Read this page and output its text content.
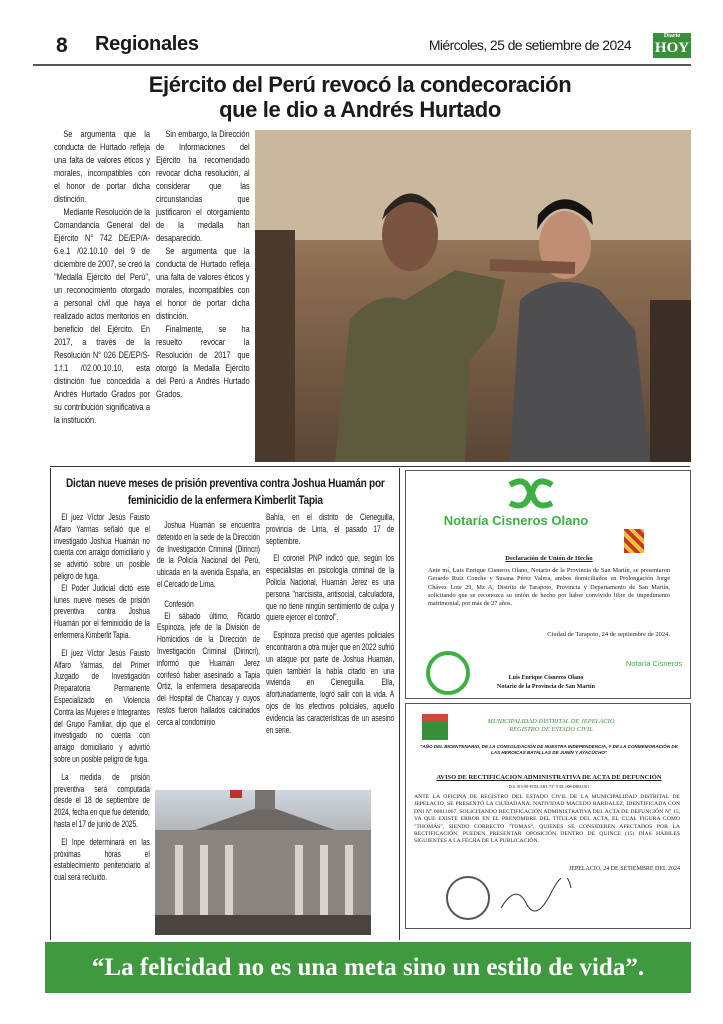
8 Regionales	Miércoles, 25 de setiembre de 2024
Diario
HOY
Ejército del Perú revocó la condecoración
que le dio a Andrés Hurtado

Se argumenta que la conducta de Hurtado refleja una falta de valores éticos y morales, incompatibles con el honor de portar dicha distinción.

Mediante Resolución de la Comandancia General del Ejército N° 742 DE/EP/A-6.e.1 /02.10.10 del 9 de diciembre de 2007, se creó la "Medalla Ejército del Perú", un reconocimiento otorgado a personal civil que haya realizado actos meritorios en beneficio del Ejército. En 2017, a través de la Resolución N° 026 DE/EP/S-1.f.1 /02.00.10.10, esta distinción fue concedida a Andrés Hurtado Grados por su contribución significativa a la institución.

Sin embargo, la Dirección de Informaciones del Ejército ha recomendado revocar dicha resolución, al considerar que las circunstancias que justificaron el otorgamiento de la medalla han desaparecido.

Se argumenta que la conducta de Hurtado refleja una falta de valores éticos y morales, incompatibles con el honor de portar dicha distinción.

Finalmente, se ha resuelto revocar la Resolución de 2017 que otorgó la Medalla Ejército del Perú a Andrés Hurtado Grados.

Dictan nueve meses de prisión preventiva contra Joshua Huamán por feminicidio de la enfermera Kimberlit Tapia

El juez Víctor Jesús Fausto Alfaro Yarmas señaló que el investigado Joshua Huamán no cuenta con arraigo domiciliario y se advirtió sobre un posible peligro de fuga.

El Poder Judicial dictó este lunes nueve meses de prisión preventiva contra Joshua Huamán por el feminicidio de la enfermera Kimberlit Tapia.

El juez Víctor Jesús Fausto Alfaro Yarmas, del Primer Juzgado de Investigación Preparatoria Permanente Especializado en Violencia Contra las Mujeres e Integrantes del Grupo Familiar, dijo que el investigado no cuenta con arraigo domiciliario y advirtió sobre un posible peligro de fuga.

La medida de prisión preventiva será computada desde el 18 de septiembre de 2024, fecha en que fue detenido, hasta el 17 de junio de 2025.

El Inpe determinará en las próximas horas el establecimiento penitenciario al cual será recluido.

Joshua Huamán se encuentra detenido en la sede de la Dirección de Investigación Criminal (Dirincri) de la Policía Nacional del Perú, ubicada en la avenida España, en el Cercado de Lima.

Confesión

El sábado último, Ricardo Espinoza, jefe de la División de Homicidios de la Dirección de Investigación Criminal (Dirincri), informó que Huamán Jerez confesó haber asesinado a Tapia Ortiz, la enfermera desaparecida del Hospital de Chancay y cuyos restos fueron hallados calcinados cerca al condominio

Bahía, en el distrito de Cieneguilla, provincia de Lima, el pasado 17 de septiembre.

El coronel PNP indicó que, según los especialistas en psicología criminal de la Policía Nacional, Huamán Jerez es una persona "narcisista, antisocial, calculadora, que no tiene ningún sentimiento de culpa y quiere ejercer el control".

Espinoza precisó que agentes policiales encontraron a otra mujer que en 2022 sufrió un ataque por parte de Joshua Huamán, quien también la había citado en una vivienda en Cieneguilla. Ella, afortunadamente, logró salir con la vida. A ojos de los efectivos policiales, aquello evidencia las características de un asesino en serie.

Notaría Cisneros Olano
Declaración de Unión de Hecho
Ante mí, Luis Enrique Cisneros Olano, Notario de la Provincia de San Martín, se presentaron Gerardo Ruiz Conche y Susana Pérez Valera, ambos domiciliados en Prolongación Jorge Chávez Lote 29, Mz A, Distrito de Tarapoto, Provincia y Departamento de San Martín, solicitando que se reconozca su unión de hecho por haber convivido libre de impedimento matrimonial, por más de 27 años.
Ciudad de Tarapoto, 24 de septiembre de 2024.
Luis Enrique Cisneros Olano
Notario de la Provincia de San Martín
Notaría Cisneros
MUNICIPALIDAD DISTRITAL DE JEPELACIO
REGISTRO DE ESTADO CIVIL
"AÑO DEL BICENTENARIO, DE LA CONSOLIDACIÓN DE NUESTRA INDEPENDENCIA, Y DE LA CONMEMORACIÓN DE LAS HEROICAS BATALLAS DE JUNÍN Y AYACUCHO"
AVISO DE RECTIFICACION ADMINISTRATIVA DE ACTA DE DEFUNCIÓN
D.S. 015-98-PCM, ART. 73° Y DL 008-DIRCO01
ANTE LA OFICINA DE REGISTRO DEL ESTADO CIVIL DE LA MUNICIPALIDAD DISTRITAL DE JEPELACIO, SE PRESENTÓ LA CIUDADANA: NATIVIDAD MACEDO BARDALEZ, IDENTIFICADA CON DNI N° 00811067, SOLICITANDO RECTIFICACIÓN ADMINISTRATIVA DEL ACTA DE DEFUNCIÓN N° 15, YA QUE EXISTE ERROR EN EL PRENOMBRE DEL TITULAR DEL ACTA, EL CUAL FIGURA COMO "THOMÁS", SIENDO CORRECTO "TOMAS", QUIENES SE CONSIDEREN AFECTADOS POR LA RECTIFICACIÓN, PUEDEN PRESENTAR OPOSICIÓN DENTRO DE QUINCE (15) DÍAS HÁBILES SIGUIENTES A LA FECHA DE LA PUBLICACIÓN.
JEPELACIO, 24 DE SETIEMBRE DEL 2024
“La felicidad no es una meta sino un estilo de vida”.
